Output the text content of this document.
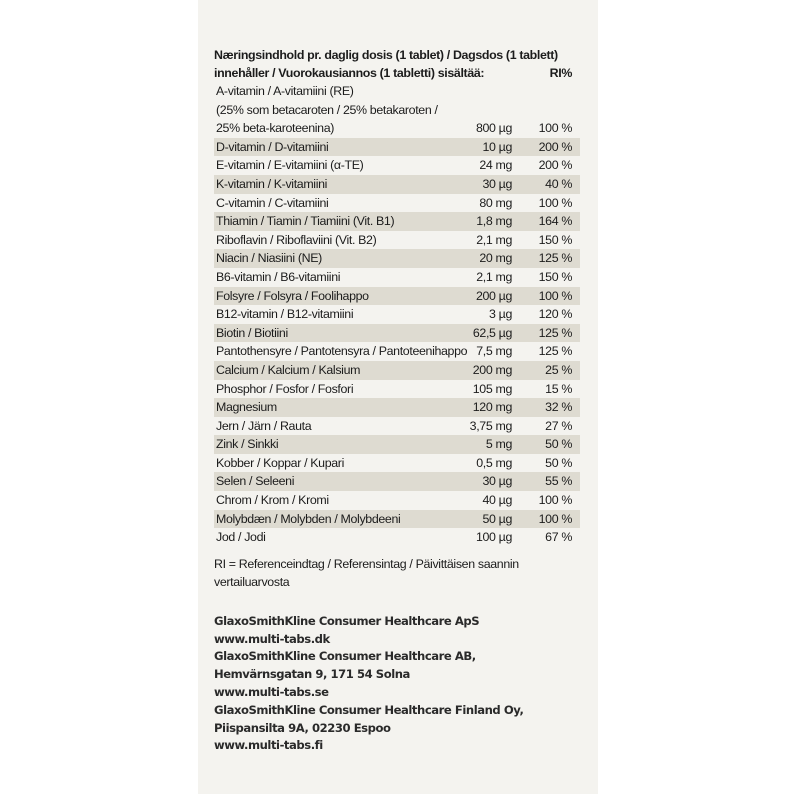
Næringsindhold pr. daglig dosis (1 tablet) / Dagsdos (1 tablett)
innehåller / Vuorokausiannos (1 tabletti) sisältää:	RI%
A-vitamin / A-vitamiini (RE)
(25% som betacaroten / 25% betakaroten /
25% beta-karoteenina)	800 µg	100 %
D-vitamin / D-vitamiini	10 µg	200 %
E-vitamin / E-vitamiini (α-TE)	24 mg	200 %
K-vitamin / K-vitamiini	30 µg	40 %
C-vitamin / C-vitamiini	80 mg	100 %
Thiamin / Tiamin / Tiamiini (Vit. B1)	1,8 mg	164 %
Riboflavin / Riboflaviini (Vit. B2)	2,1 mg	150 %
Niacin / Niasiini (NE)	20 mg	125 %
B6-vitamin / B6-vitamiini	2,1 mg	150 %
Folsyre / Folsyra / Foolihappo	200 µg	100 %
B12-vitamin / B12-vitamiini	3 µg	120 %
Biotin / Biotiini	62,5 µg	125 %
Pantothensyre / Pantotensyra / Pantoteenihappo 7,5 mg	125 %
Calcium / Kalcium / Kalsium	200 mg	25 %
Phosphor / Fosfor / Fosfori	105 mg	15 %
Magnesium	120 mg	32 %
Jern / Järn / Rauta	3,75 mg	27 %
Zink / Sinkki	5 mg	50 %
Kobber / Koppar / Kupari	0,5 mg	50 %
Selen / Seleeni	30 µg	55 %
Chrom / Krom / Kromi	40 µg	100 %
Molybdæn / Molybden / Molybdeeni	50 µg	100 %
Jod / Jodi	100 µg	67 %
RI = Referenceindtag / Referensintag / Päivittäisen saannin
vertailuarvosta
GlaxoSmithKline Consumer Healthcare ApS
www.multi-tabs.dk
GlaxoSmithKline Consumer Healthcare AB,
Hemvärnsgatan 9, 171 54 Solna
www.multi-tabs.se
GlaxoSmithKline Consumer Healthcare Finland Oy,
Piispansilta 9A, 02230 Espoo
www.multi-tabs.fi
